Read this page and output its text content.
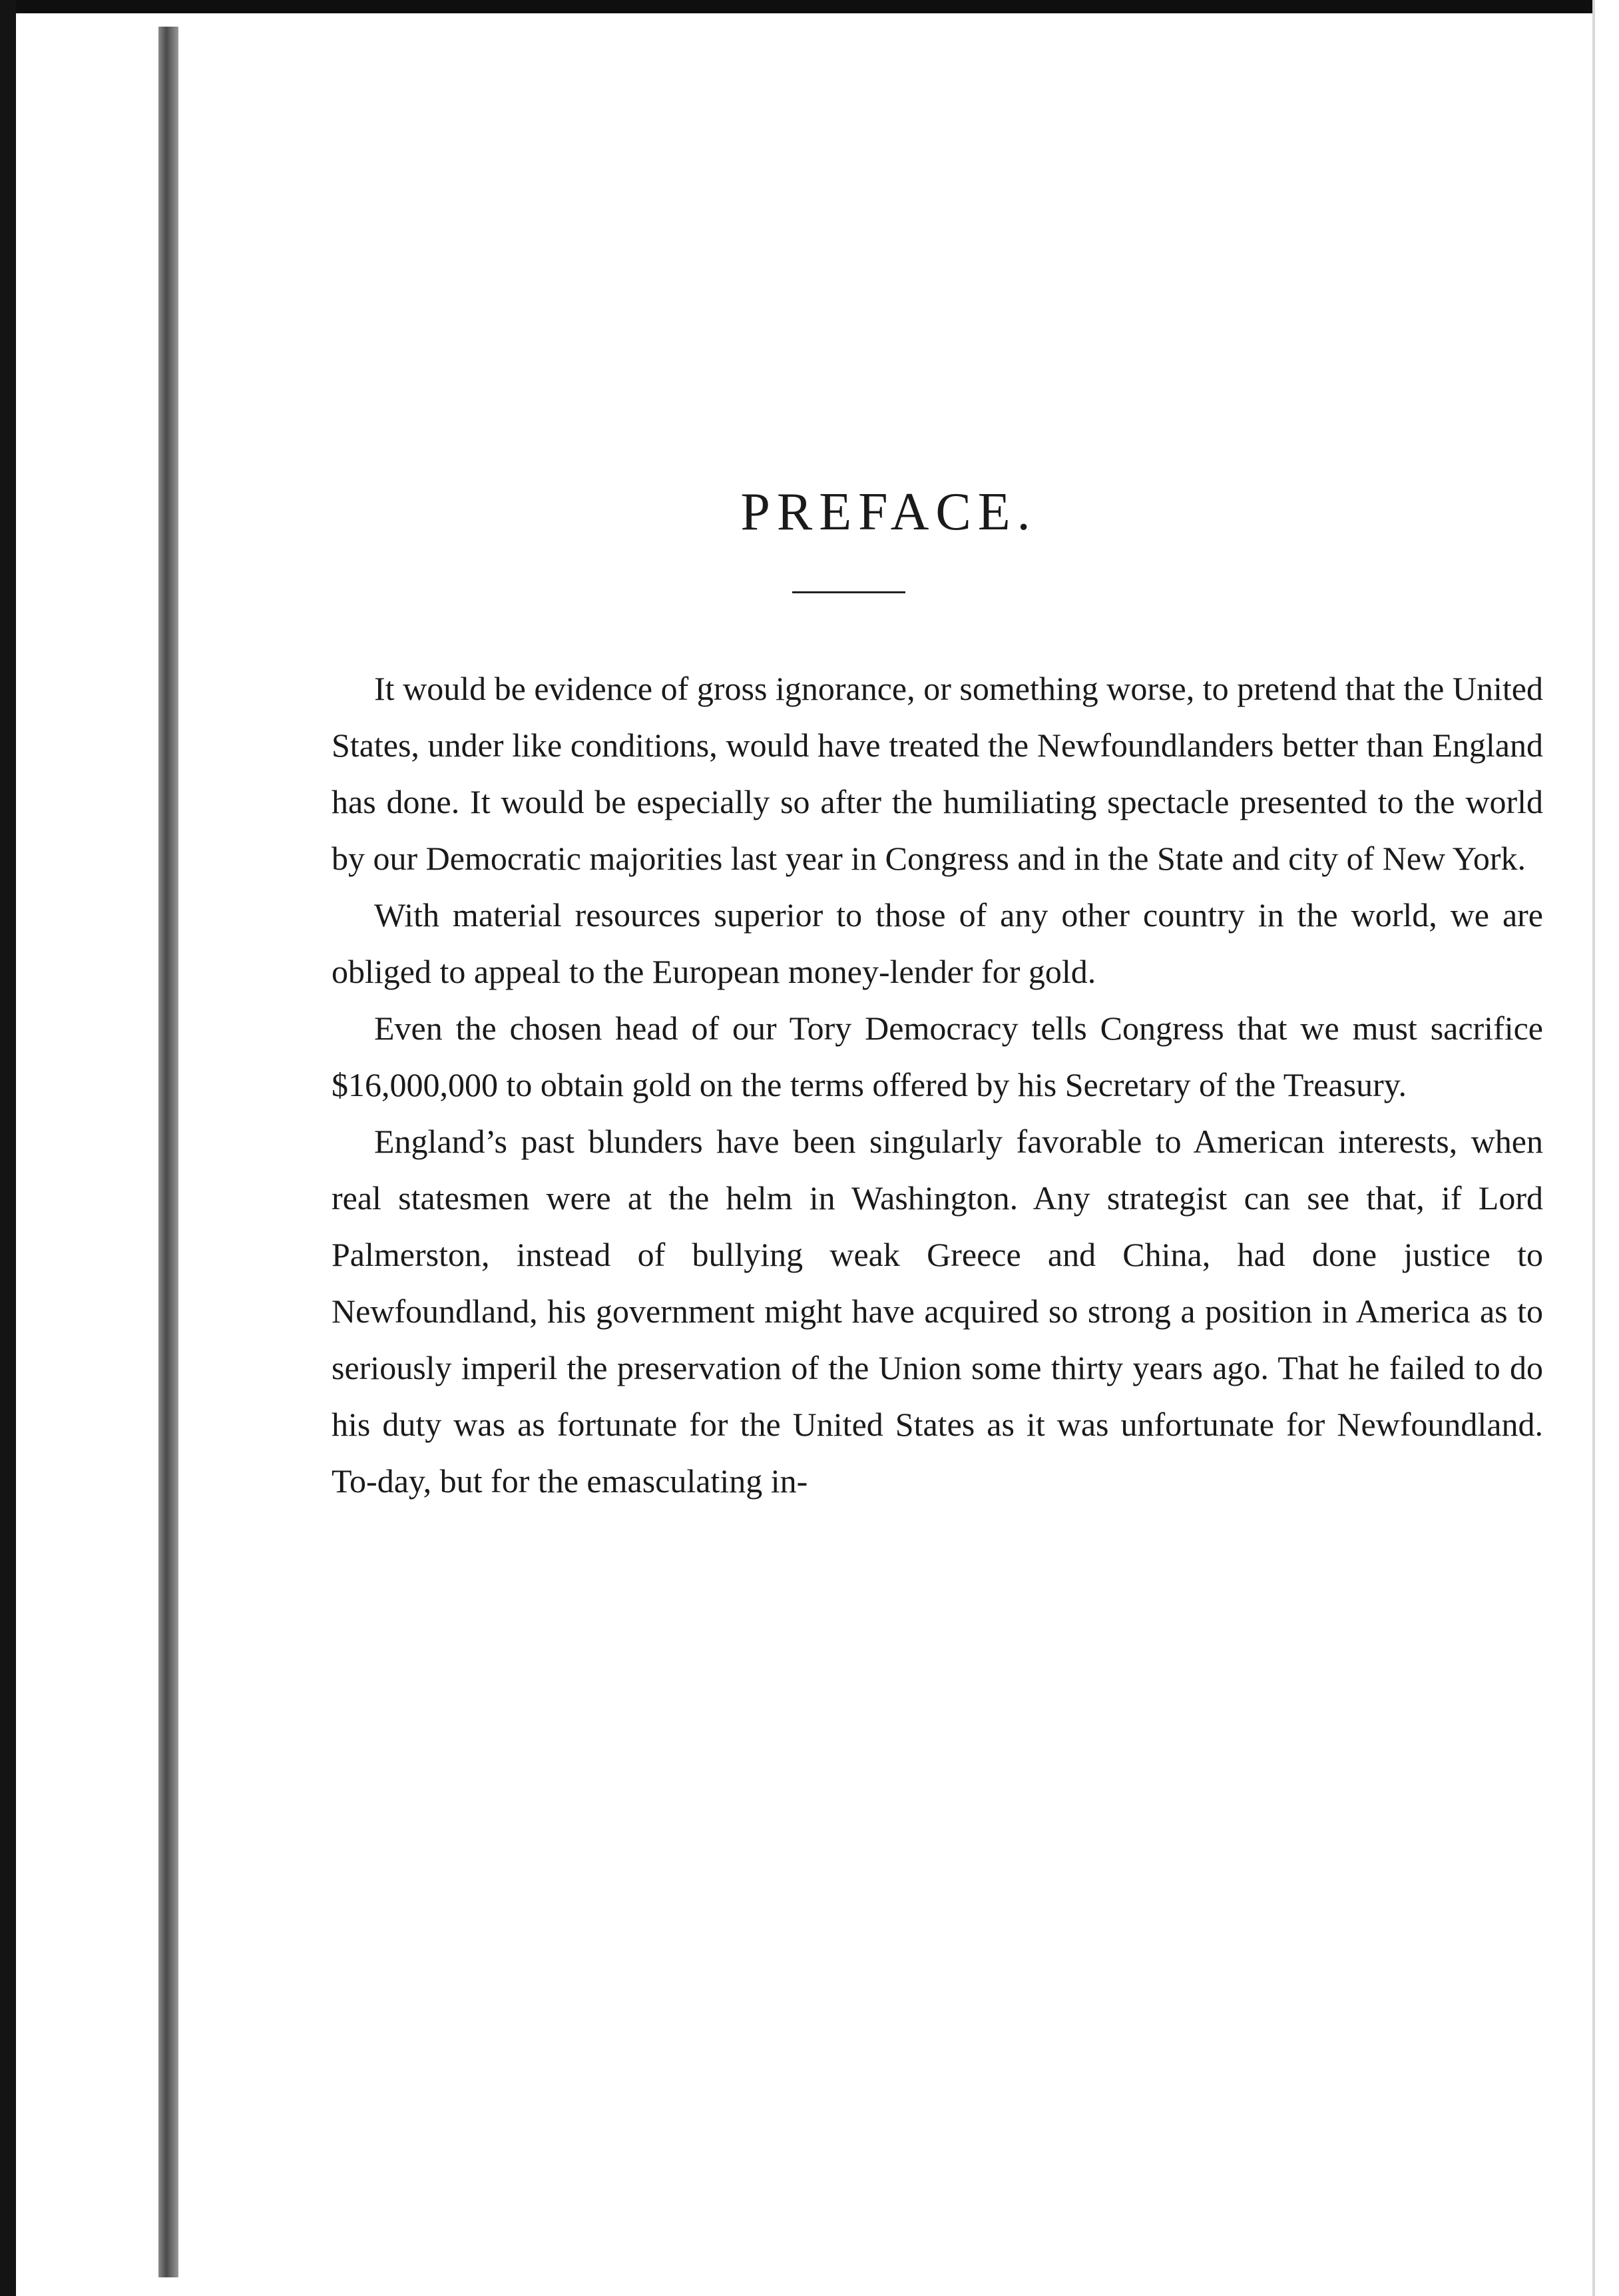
PREFACE.

It would be evidence of gross ignorance, or something worse, to pretend that the United States, under like conditions, would have treated the Newfoundlanders better than England has done. It would be especially so after the humiliating spectacle presented to the world by our Democratic majorities last year in Congress and in the State and city of New York.

With material resources superior to those of any other country in the world, we are obliged to appeal to the European money-lender for gold.

Even the chosen head of our Tory Democracy tells Congress that we must sacrifice $16,000,000 to obtain gold on the terms offered by his Secretary of the Treasury.

England’s past blunders have been singularly favorable to American interests, when real statesmen were at the helm in Washington. Any strategist can see that, if Lord Palmerston, instead of bullying weak Greece and China, had done justice to Newfoundland, his government might have acquired so strong a position in America as to seriously imperil the preservation of the Union some thirty years ago. That he failed to do his duty was as fortunate for the United States as it was unfortunate for Newfoundland. To-day, but for the emasculating in-
